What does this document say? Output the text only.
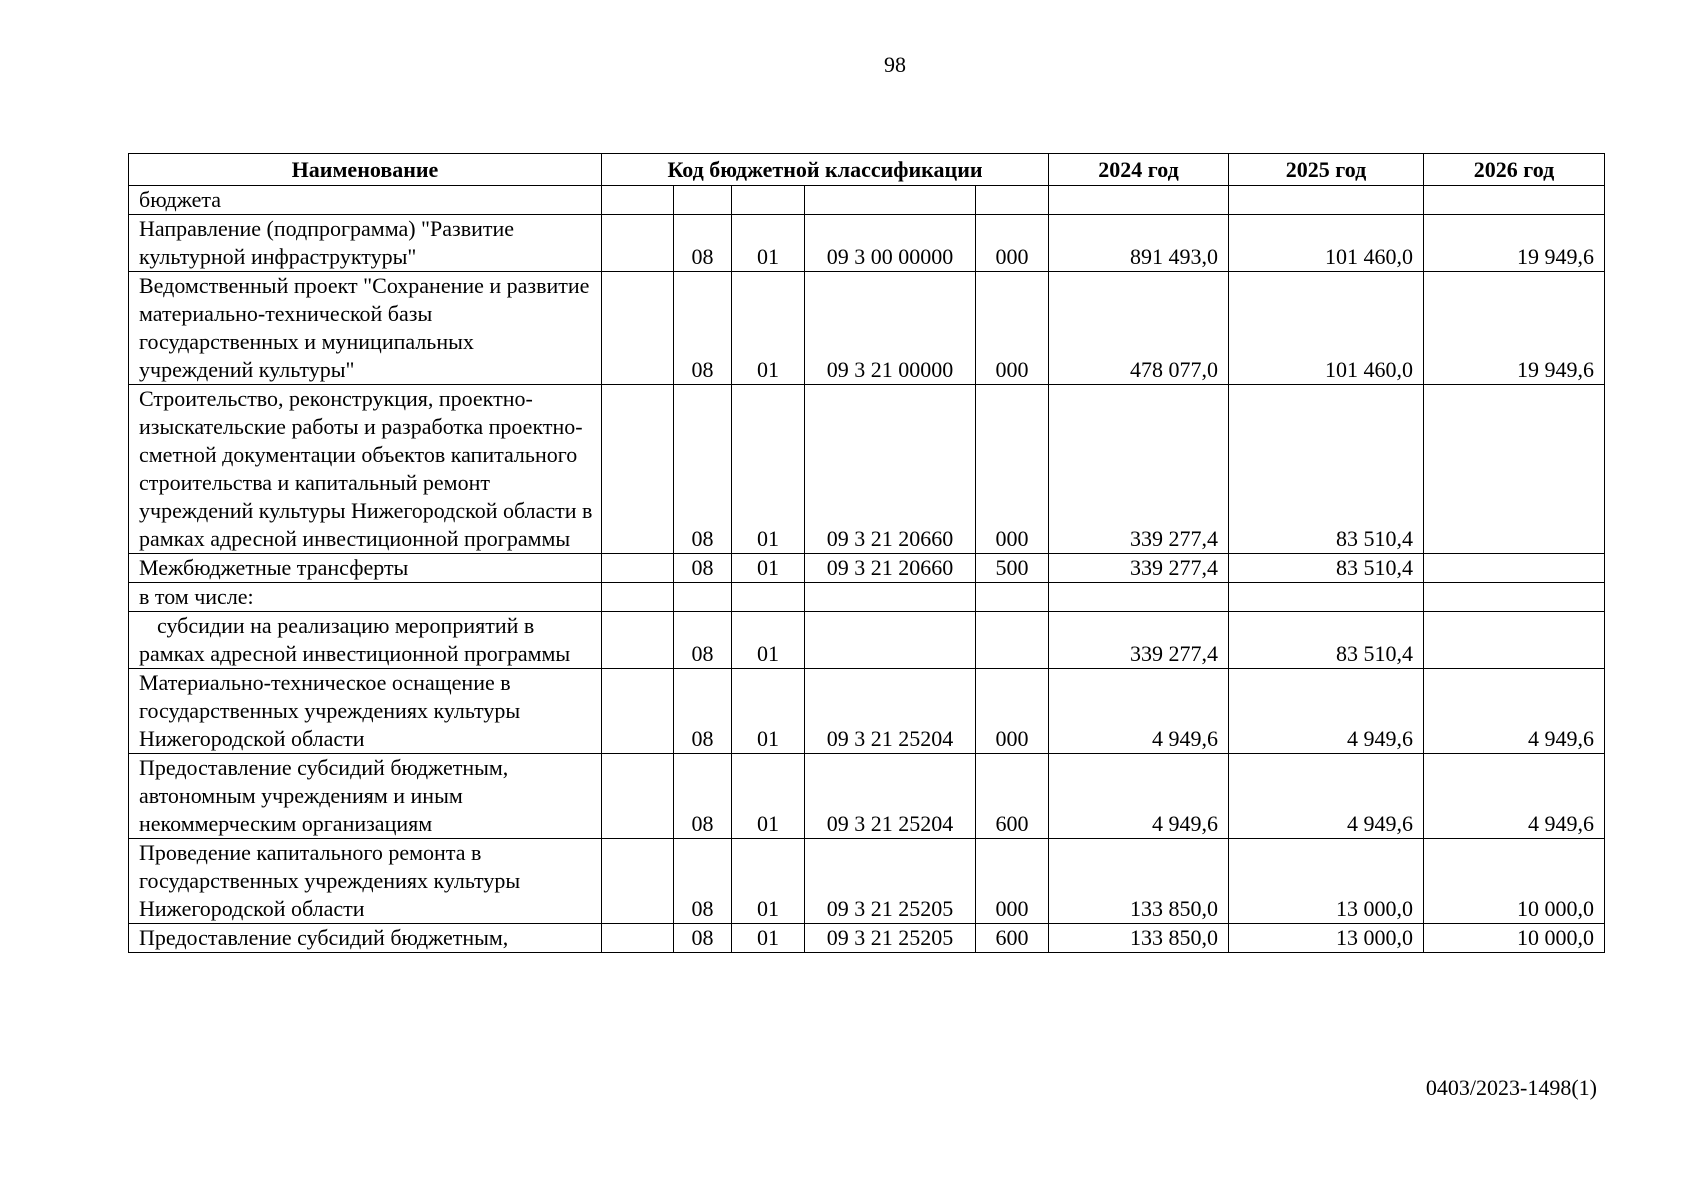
98
Наименование	Код бюджетной классификации					2024 год	2025 год	2026 год
бюджета								
Направление (подпрограмма) "Развитие культурной инфраструктуры"		08	01	09 3 00 00000	000	891 493,0	101 460,0	19 949,6
Ведомственный проект "Сохранение и развитие материально-технической базы государственных и муниципальных учреждений культуры"		08	01	09 3 21 00000	000	478 077,0	101 460,0	19 949,6
Строительство, реконструкция, проектно-изыскательские работы и разработка проектно-сметной документации объектов капитального строительства и капитальный ремонт учреждений культуры Нижегородской области в рамках адресной инвестиционной программы		08	01	09 3 21 20660	000	339 277,4	83 510,4	
Межбюджетные трансферты		08	01	09 3 21 20660	500	339 277,4	83 510,4	
в том числе:								
субсидии на реализацию мероприятий в рамках адресной инвестиционной программы		08	01			339 277,4	83 510,4	
Материально-техническое оснащение в государственных учреждениях культуры Нижегородской области		08	01	09 3 21 25204	000	4 949,6	4 949,6	4 949,6
Предоставление субсидий бюджетным, автономным учреждениям и иным некоммерческим организациям		08	01	09 3 21 25204	600	4 949,6	4 949,6	4 949,6
Проведение капитального ремонта в государственных учреждениях культуры Нижегородской области		08	01	09 3 21 25205	000	133 850,0	13 000,0	10 000,0
Предоставление субсидий бюджетным,		08	01	09 3 21 25205	600	133 850,0	13 000,0	10 000,0
0403/2023-1498(1)
